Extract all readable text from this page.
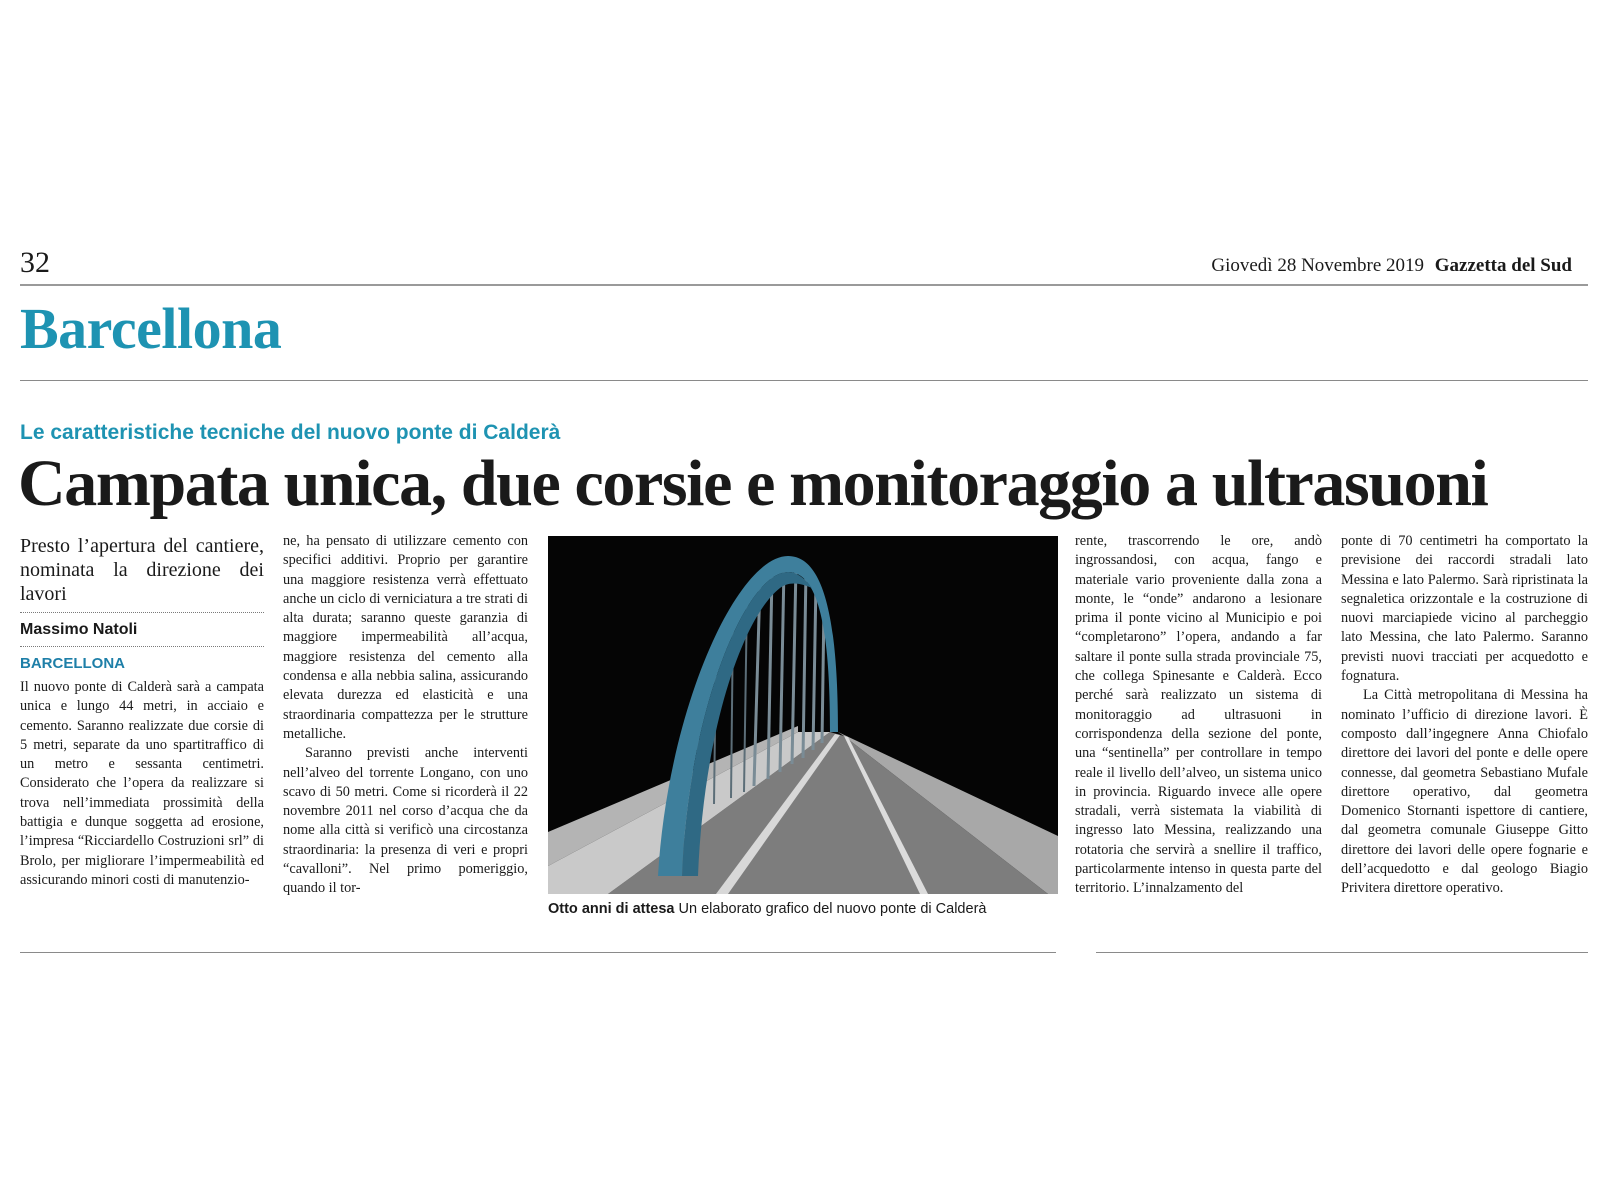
32	Giovedì 28 Novembre 2019 Gazzetta del Sud
Barcellona
Le caratteristiche tecniche del nuovo ponte di Calderà
Campata unica, due corsie e monitoraggio a ultrasuoni

Presto l’apertura del cantiere, nominata la direzione dei lavori

Massimo Natoli
BARCELLONA

Il nuovo ponte di Calderà sarà a campata unica e lungo 44 metri, in acciaio e cemento. Saranno realizzate due corsie di 5 metri, separate da uno spartitraffico di un metro e sessanta centimetri. Considerato che l’opera da realizzare si trova nell’immediata prossimità della battigia e dunque soggetta ad erosione, l’impresa “Ricciardello Costruzioni srl” di Brolo, per migliorare l’impermeabilità ed assicurando minori costi di manutenzio-

ne, ha pensato di utilizzare cemento con specifici additivi. Proprio per garantire una maggiore resistenza verrà effettuato anche un ciclo di verniciatura a tre strati di alta durata; saranno queste garanzia di maggiore impermeabilità all’acqua, maggiore resistenza del cemento alla condensa e alla nebbia salina, assicurando elevata durezza ed elasticità e una straordinaria compattezza per le strutture metalliche.

Saranno previsti anche interventi nell’alveo del torrente Longano, con uno scavo di 50 metri. Come si ricorderà il 22 novembre 2011 nel corso d’acqua che da nome alla città si verificò una circostanza straordinaria: la presenza di veri e propri “cavalloni”. Nel primo pomeriggio, quando il tor-

Otto anni di attesa Un elaborato grafico del nuovo ponte di Calderà

rente, trascorrendo le ore, andò ingrossandosi, con acqua, fango e materiale vario proveniente dalla zona a monte, le “onde” andarono a lesionare prima il ponte vicino al Municipio e poi “completarono” l’opera, andando a far saltare il ponte sulla strada provinciale 75, che collega Spinesante e Calderà. Ecco perché sarà realizzato un sistema di monitoraggio ad ultrasuoni in corrispondenza della sezione del ponte, una “sentinella” per controllare in tempo reale il livello dell’alveo, un sistema unico in provincia. Riguardo invece alle opere stradali, verrà sistemata la viabilità di ingresso lato Messina, realizzando una rotatoria che servirà a snellire il traffico, particolarmente intenso in questa parte del territorio. L’innalzamento del

ponte di 70 centimetri ha comportato la previsione dei raccordi stradali lato Messina e lato Palermo. Sarà ripristinata la segnaletica orizzontale e la costruzione di nuovi marciapiede vicino al parcheggio lato Messina, che lato Palermo. Saranno previsti nuovi tracciati per acquedotto e fognatura.

La Città metropolitana di Messina ha nominato l’ufficio di direzione lavori. È composto dall’ingegnere Anna Chiofalo direttore dei lavori del ponte e delle opere connesse, dal geometra Sebastiano Mufale direttore operativo, dal geometra Domenico Stornanti ispettore di cantiere, dal geometra comunale Giuseppe Gitto direttore dei lavori delle opere fognarie e dell’acquedotto e dal geologo Biagio Privitera direttore operativo.
